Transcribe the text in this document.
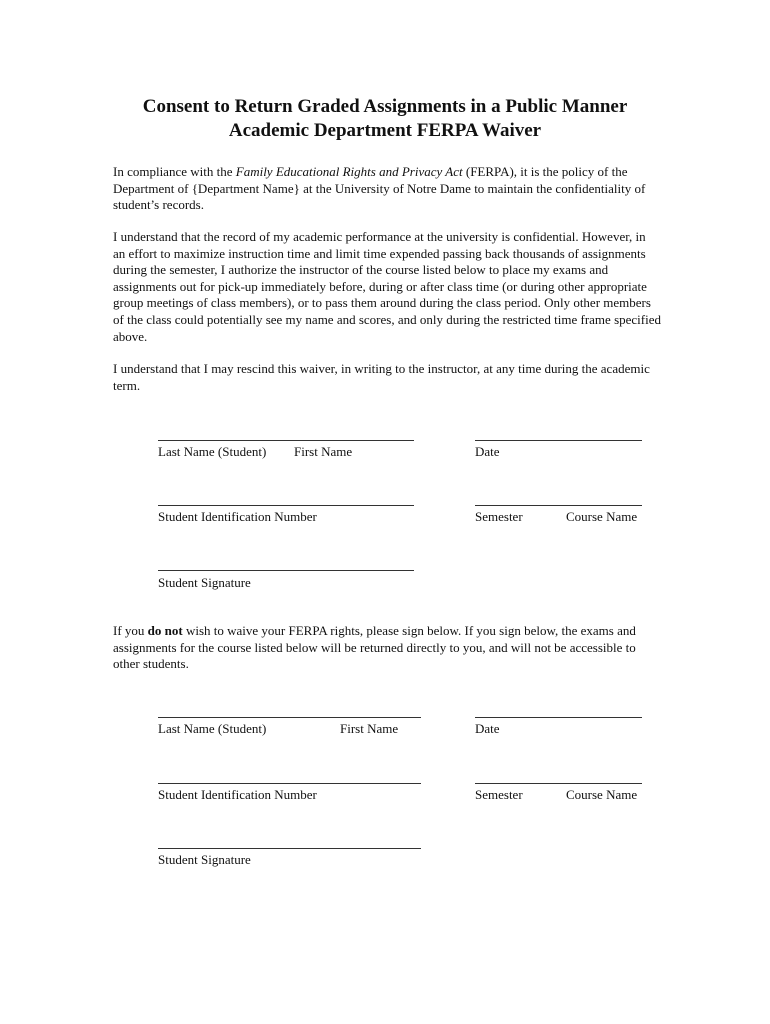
Consent to Return Graded Assignments in a Public Manner
Academic Department FERPA Waiver

In compliance with the Family Educational Rights and Privacy Act (FERPA), it is the policy of the Department of {Department Name} at the University of Notre Dame to maintain the confidentiality of student’s records.

I understand that the record of my academic performance at the university is confidential. However, in an effort to maximize instruction time and limit time expended passing back thousands of assignments during the semester, I authorize the instructor of the course listed below to place my exams and assignments out for pick-up immediately before, during or after class time (or during other appropriate group meetings of class members), or to pass them around during the class period. Only other members of the class could potentially see my name and scores, and only during the restricted time frame specified above.

I understand that I may rescind this waiver, in writing to the instructor, at any time during the academic term.

Last Name (Student) First Name	Date
Student Identification Number	Semester	Course Name
Student Signature

If you do not wish to waive your FERPA rights, please sign below. If you sign below, the exams and assignments for the course listed below will be returned directly to you, and will not be accessible to other students.

Last Name (Student)	First Name	Date
Student Identification Number	Semester	Course Name
Student Signature
